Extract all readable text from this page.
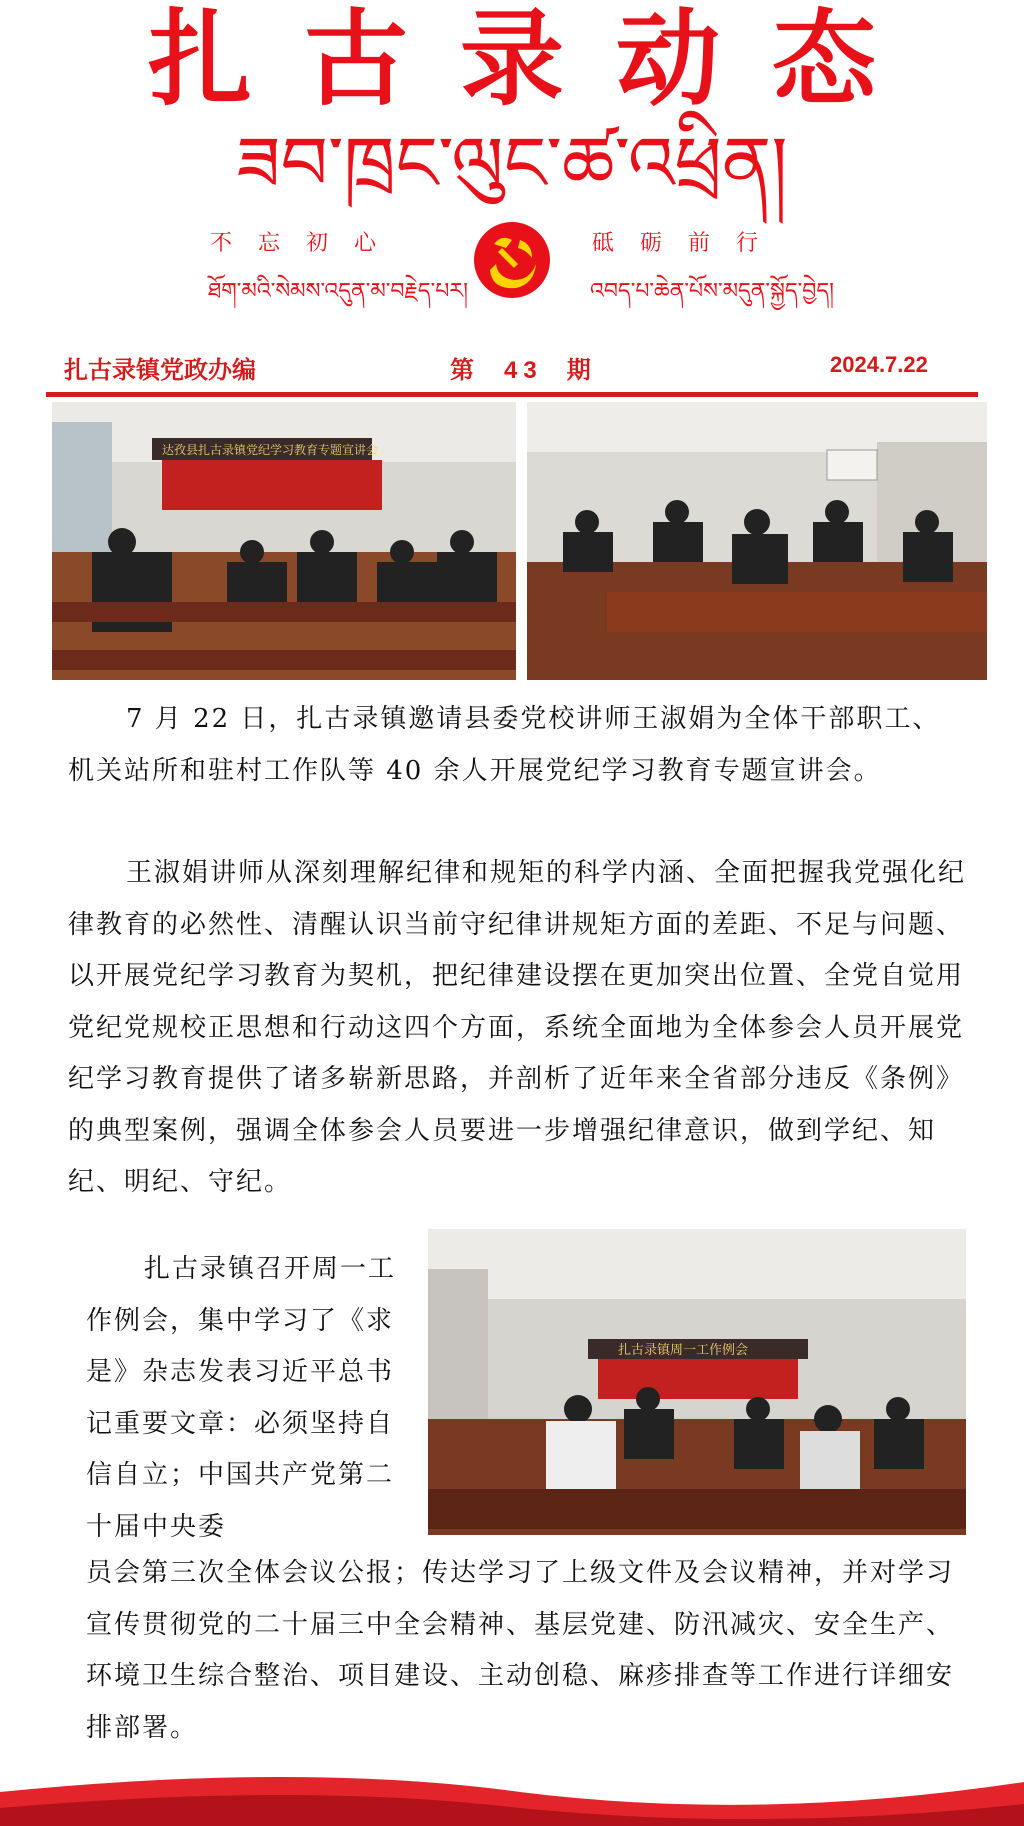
扎古录动态
ཟབ་ཁྲང་ལུང་ཚ་འཕྲིན།
不忘初心
ཐོག་མའི་སེམས་འདུན་མ་བརྗེད་པར།
砥砺前行
འབད་པ་ཆེན་པོས་མདུན་སྐྱོད་བྱེད།
扎古录镇党政办编	第 43 期	2024.7.22
达孜县扎古录镇党纪学习教育专题宣讲会
7 月 22 日，扎古录镇邀请县委党校讲师王淑娟为全体干部职工、机关站所和驻村工作队等 40 余人开展党纪学习教育专题宣讲会。
王淑娟讲师从深刻理解纪律和规矩的科学内涵、全面把握我党强化纪律教育的必然性、清醒认识当前守纪律讲规矩方面的差距、不足与问题、以开展党纪学习教育为契机，把纪律建设摆在更加突出位置、全党自觉用党纪党规校正思想和行动这四个方面，系统全面地为全体参会人员开展党纪学习教育提供了诸多崭新思路，并剖析了近年来全省部分违反《条例》的典型案例，强调全体参会人员要进一步增强纪律意识，做到学纪、知纪、明纪、守纪。
扎古录镇召开周一工作例会，集中学习了《求是》杂志发表习近平总书记重要文章：必须坚持自信自立；中国共产党第二十届中央委
扎古录镇周一工作例会
员会第三次全体会议公报；传达学习了上级文件及会议精神，并对学习宣传贯彻党的二十届三中全会精神、基层党建、防汛减灾、安全生产、环境卫生综合整治、项目建设、主动创稳、麻疹排查等工作进行详细安排部署。
